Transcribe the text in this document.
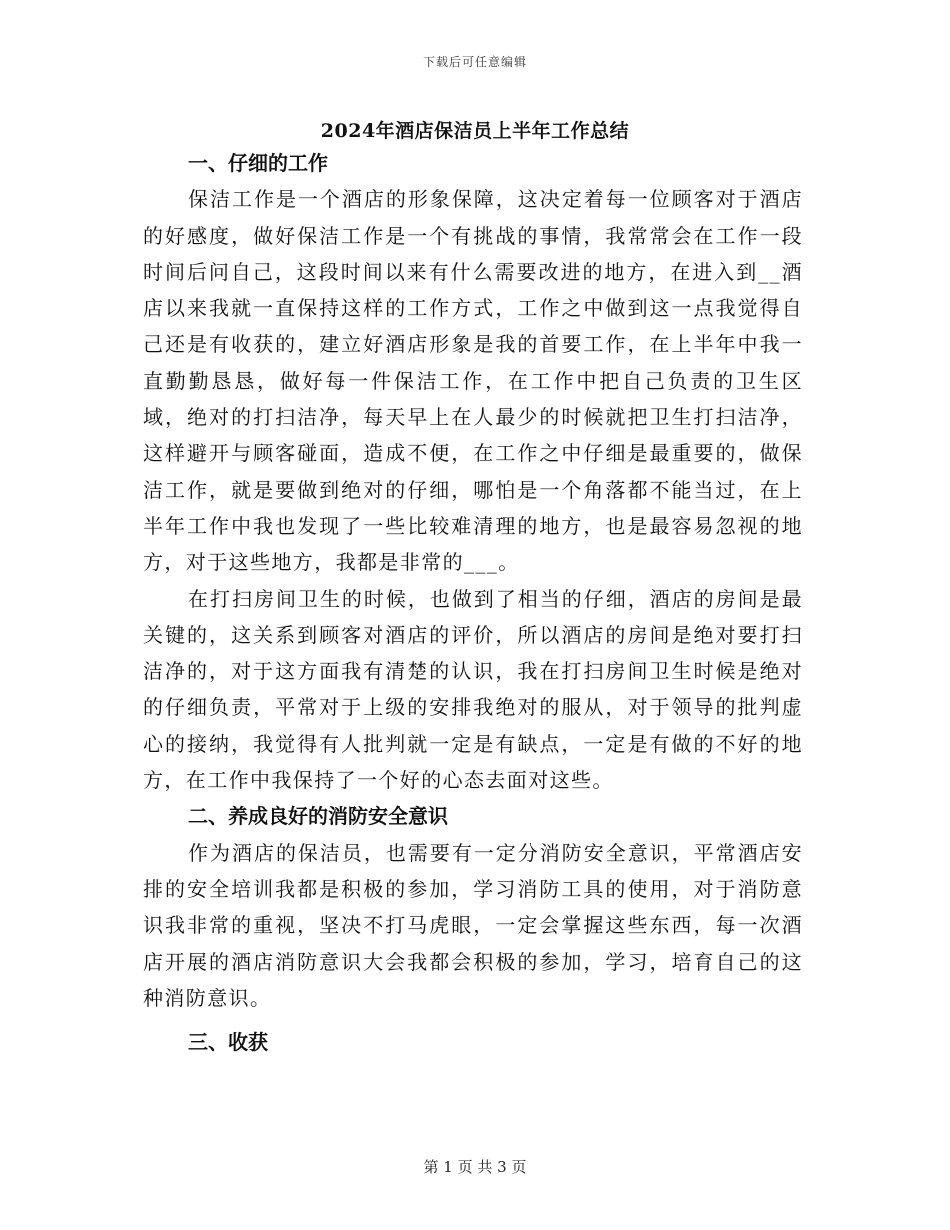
下载后可任意编辑
2024年酒店保洁员上半年工作总结

一、仔细的工作

保洁工作是一个酒店的形象保障，这决定着每一位顾客对于酒店的好感度，做好保洁工作是一个有挑战的事情，我常常会在工作一段时间后问自己，这段时间以来有什么需要改进的地方，在进入到__酒店以来我就一直保持这样的工作方式，工作之中做到这一点我觉得自己还是有收获的，建立好酒店形象是我的首要工作，在上半年中我一直勤勤恳恳，做好每一件保洁工作，在工作中把自己负责的卫生区域，绝对的打扫洁净，每天早上在人最少的时候就把卫生打扫洁净，这样避开与顾客碰面，造成不便，在工作之中仔细是最重要的，做保洁工作，就是要做到绝对的仔细，哪怕是一个角落都不能当过，在上半年工作中我也发现了一些比较难清理的地方，也是最容易忽视的地方，对于这些地方，我都是非常的___。

在打扫房间卫生的时候，也做到了相当的仔细，酒店的房间是最关键的，这关系到顾客对酒店的评价，所以酒店的房间是绝对要打扫洁净的，对于这方面我有清楚的认识，我在打扫房间卫生时候是绝对的仔细负责，平常对于上级的安排我绝对的服从，对于领导的批判虚心的接纳，我觉得有人批判就一定是有缺点，一定是有做的不好的地方，在工作中我保持了一个好的心态去面对这些。

二、养成良好的消防安全意识

作为酒店的保洁员，也需要有一定分消防安全意识，平常酒店安排的安全培训我都是积极的参加，学习消防工具的使用，对于消防意识我非常的重视，坚决不打马虎眼，一定会掌握这些东西，每一次酒店开展的酒店消防意识大会我都会积极的参加，学习，培育自己的这种消防意识。

三、收获

第 1 页 共 3 页
